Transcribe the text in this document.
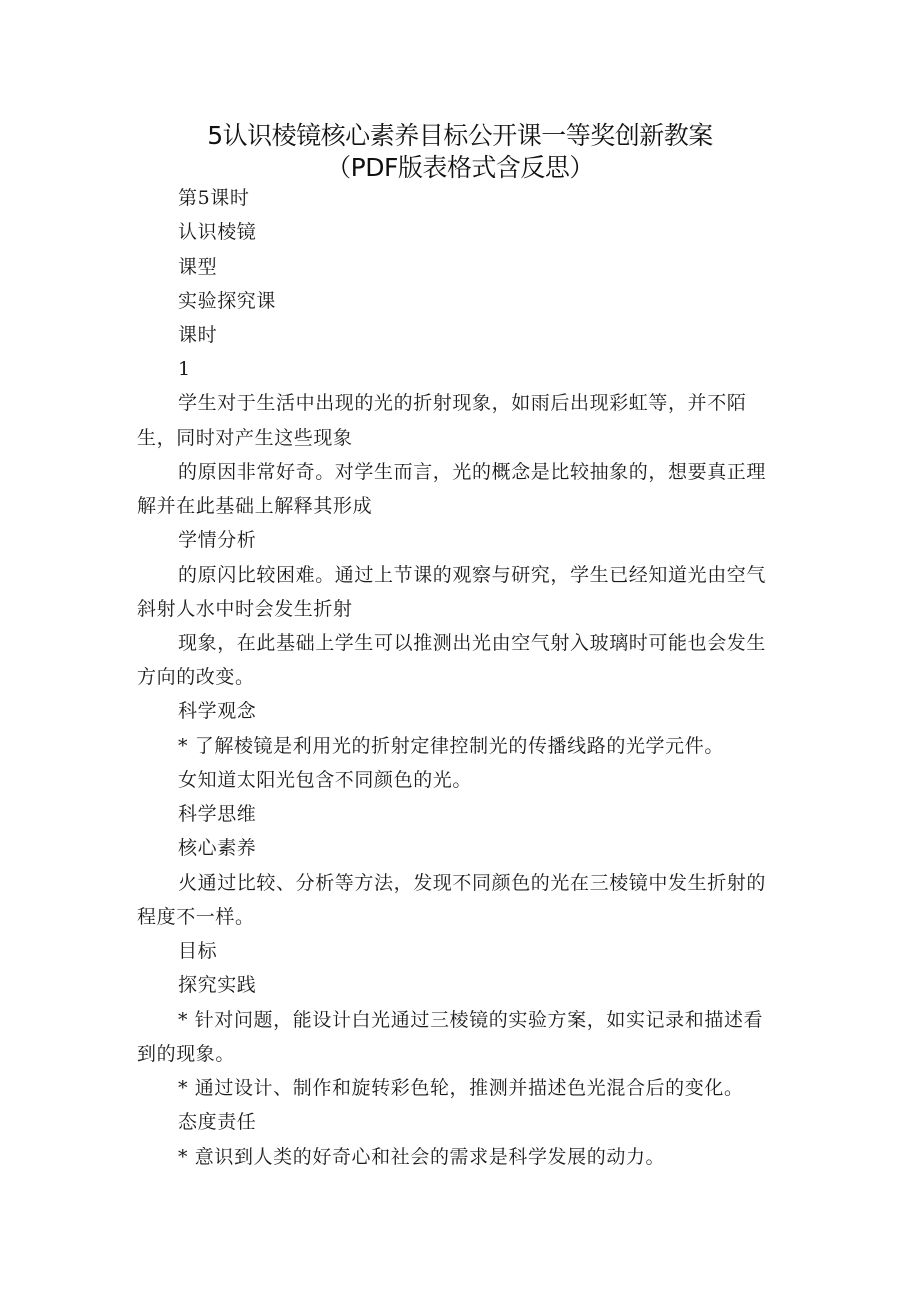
5认识棱镜核心素养目标公开课一等奖创新教案
（PDF版表格式含反思）
第5课时
认识棱镜
课型
实验探究课
课时
1
学生对于生活中出现的光的折射现象，如雨后出现彩虹等，并不陌
生，同时对产生这些现象
的原因非常好奇。对学生而言，光的概念是比较抽象的，想要真正理
解并在此基础上解释其形成
学情分析
的原闪比较困难。通过上节课的观察与研究，学生已经知道光由空气
斜射人水中时会发生折射
现象，在此基础上学生可以推测出光由空气射入玻璃时可能也会发生
方向的改变。
科学观念
* 了解棱镜是利用光的折射定律控制光的传播线路的光学元件。
女知道太阳光包含不同颜色的光。
科学思维
核心素养
火通过比较、分析等方法，发现不同颜色的光在三棱镜中发生折射的
程度不一样。
目标
探究实践
* 针对问题，能设计白光通过三棱镜的实验方案，如实记录和描述看
到的现象。
* 通过设计、制作和旋转彩色轮，推测并描述色光混合后的变化。
态度责任
* 意识到人类的好奇心和社会的需求是科学发展的动力。
